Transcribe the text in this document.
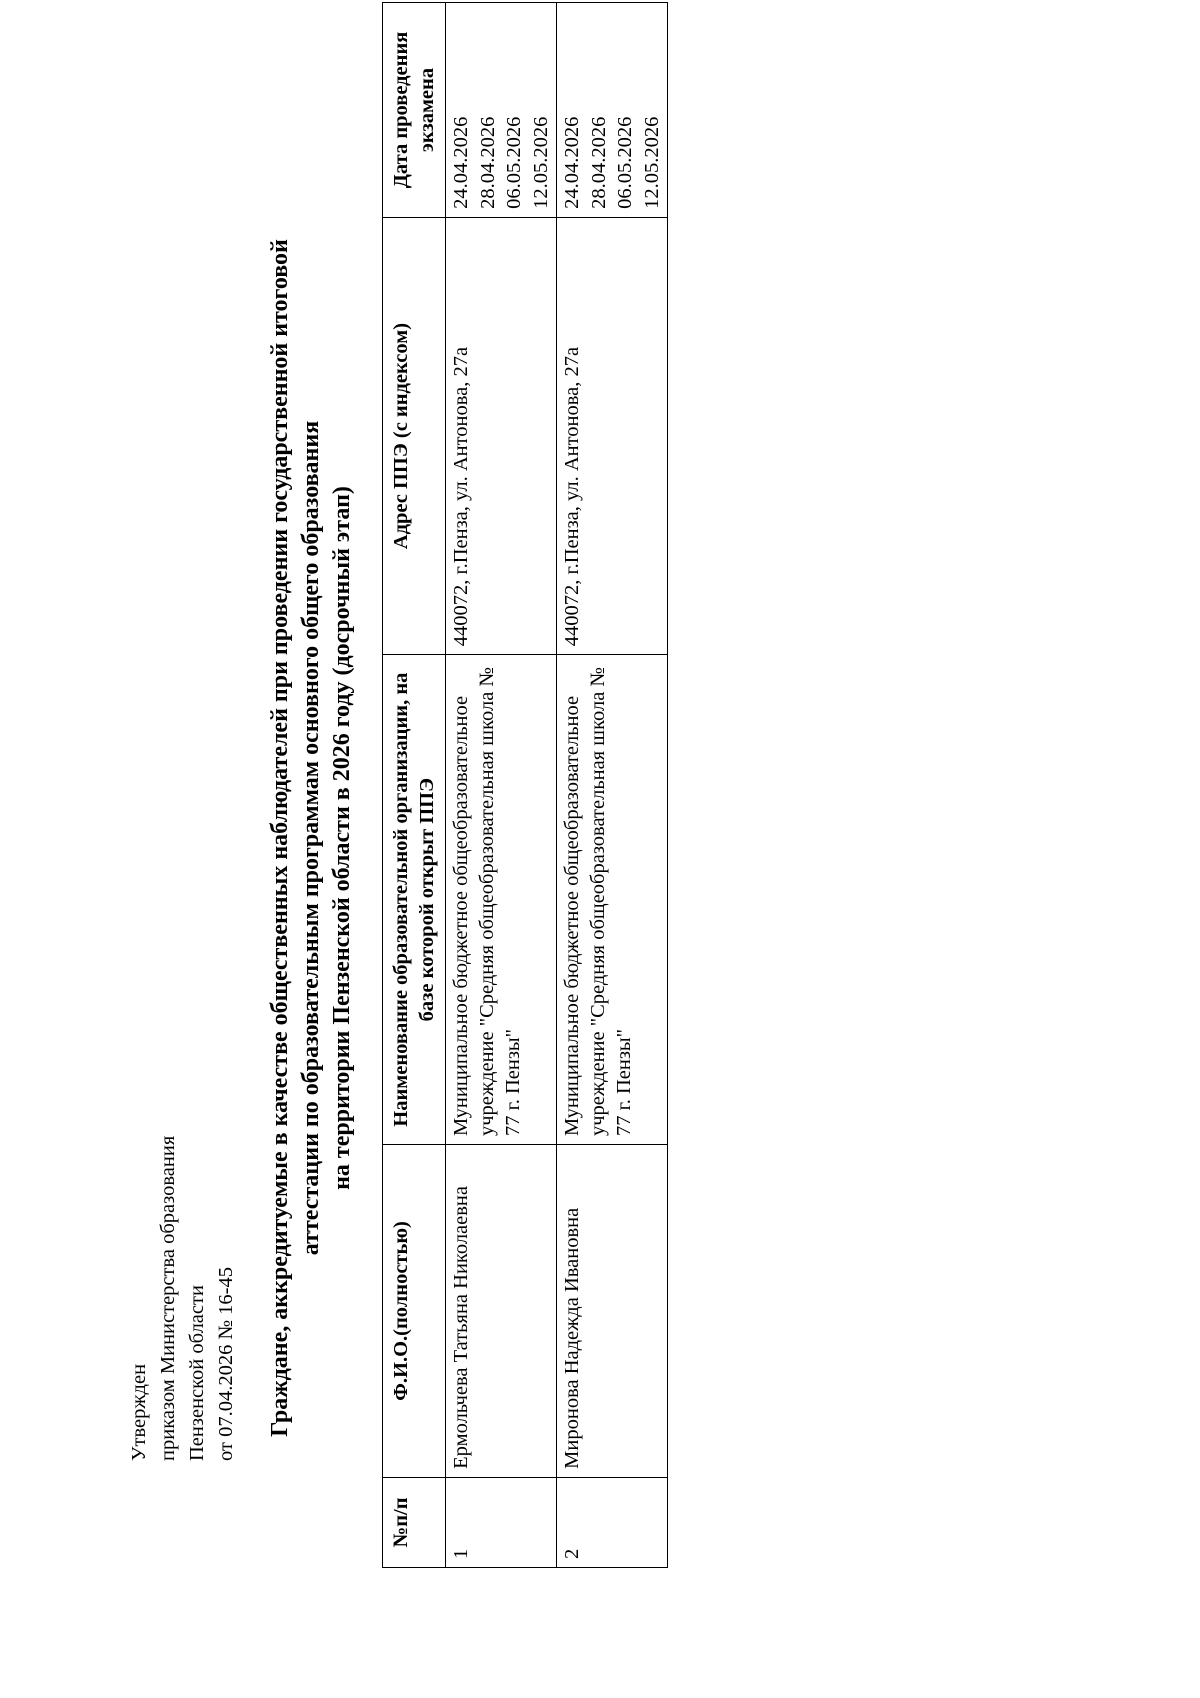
Утвержден приказом Министерства образования Пензенской области от 07.04.2026 № 16-45 Граждане, аккредитуемые в качестве общественных наблюдателей при проведении государственной итоговой аттестации по образовательным программам основного общего образования на территории Пензенской области в 2026 году (досрочный этап)
№п/п	Ф.И.О.(полностью)	Наименование образовательной организации, на базе которой открыт ППЭ	Адрес ППЭ (с индексом)	Дата проведения экзамена
1	Ермольчева Татьяна Николаевна	Муниципальное бюджетное общеобразовательное учреждение "Средняя общеобразовательная школа № 77 г. Пензы"	440072, г.Пенза, ул. Антонова, 27а	24.04.2026 28.04.2026 06.05.2026 12.05.2026

2	Миронова Надежда Ивановна	Муниципальное бюджетное общеобразовательное учреждение "Средняя общеобразовательная школа № 77 г. Пензы"	440072, г.Пенза, ул. Антонова, 27а	24.04.2026 28.04.2026 06.05.2026 12.05.2026
